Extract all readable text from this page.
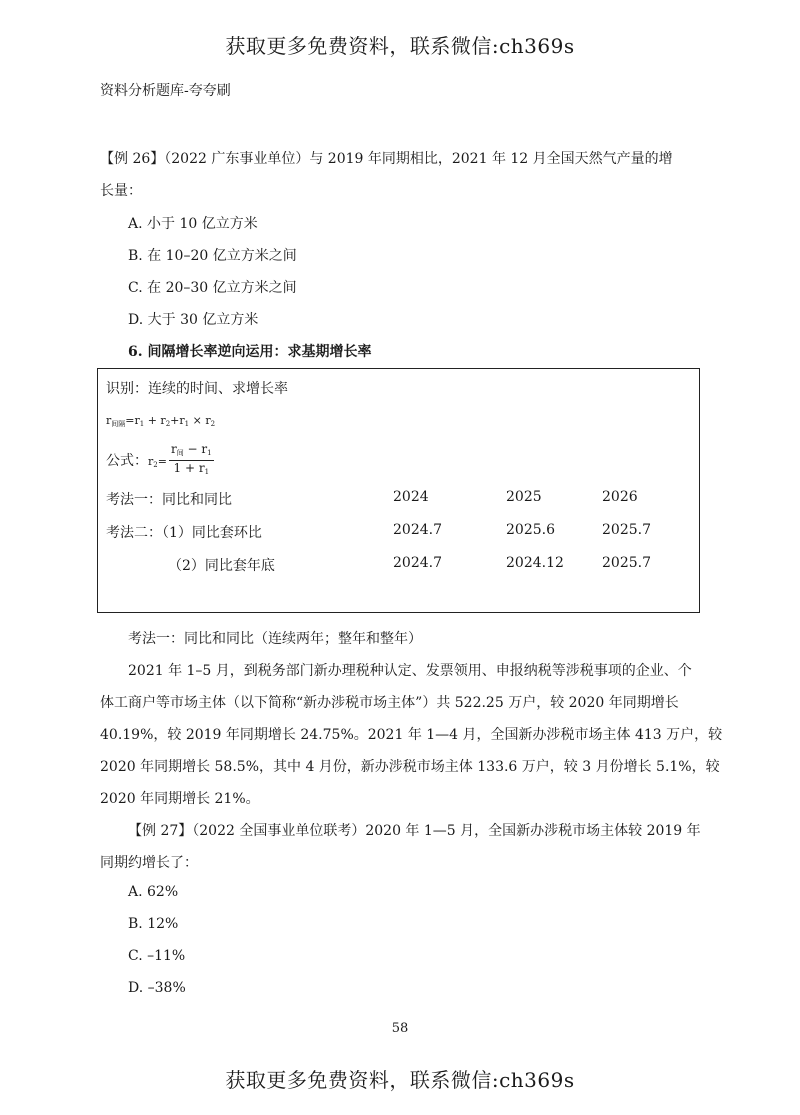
获取更多免费资料，联系微信:ch369s
资料分析题库-夸夸刷
【例 26】（2022 广东事业单位）与 2019 年同期相比，2021 年 12 月全国天然气产量的增
长量：
A. 小于 10 亿立方米
B. 在 10–20 亿立方米之间
C. 在 20–30 亿立方米之间
D. 大于 30 亿立方米
6. 间隔增长率逆向运用：求基期增长率
识别：连续的时间、求增长率
$r_{间隔}=r_1 + r_2+r_1 \times r_2$
公式：$r_2= \frac{r_间 - r_1}{1 + r_1}$
考法一：同比和同比	2024	2025	2026
考法二：（1）同比套环比	2024.7	2025.6	2025.7
（2）同比套年底	2024.7	2024.12	2025.7
考法一：同比和同比（连续两年；整年和整年）
2021 年 1–5 月，到税务部门新办理税种认定、发票领用、申报纳税等涉税事项的企业、个
体工商户等市场主体（以下简称“新办涉税市场主体”）共 522.25 万户，较 2020 年同期增长
40.19%，较 2019 年同期增长 24.75%。2021 年 1—4 月，全国新办涉税市场主体 413 万户，较
2020 年同期增长 58.5%，其中 4 月份，新办涉税市场主体 133.6 万户，较 3 月份增长 5.1%，较
2020 年同期增长 21%。
【例 27】（2022 全国事业单位联考）2020 年 1—5 月，全国新办涉税市场主体较 2019 年
同期约增长了：
A. 62%
B. 12%
C. –11%
D. –38%
58
获取更多免费资料，联系微信:ch369s
